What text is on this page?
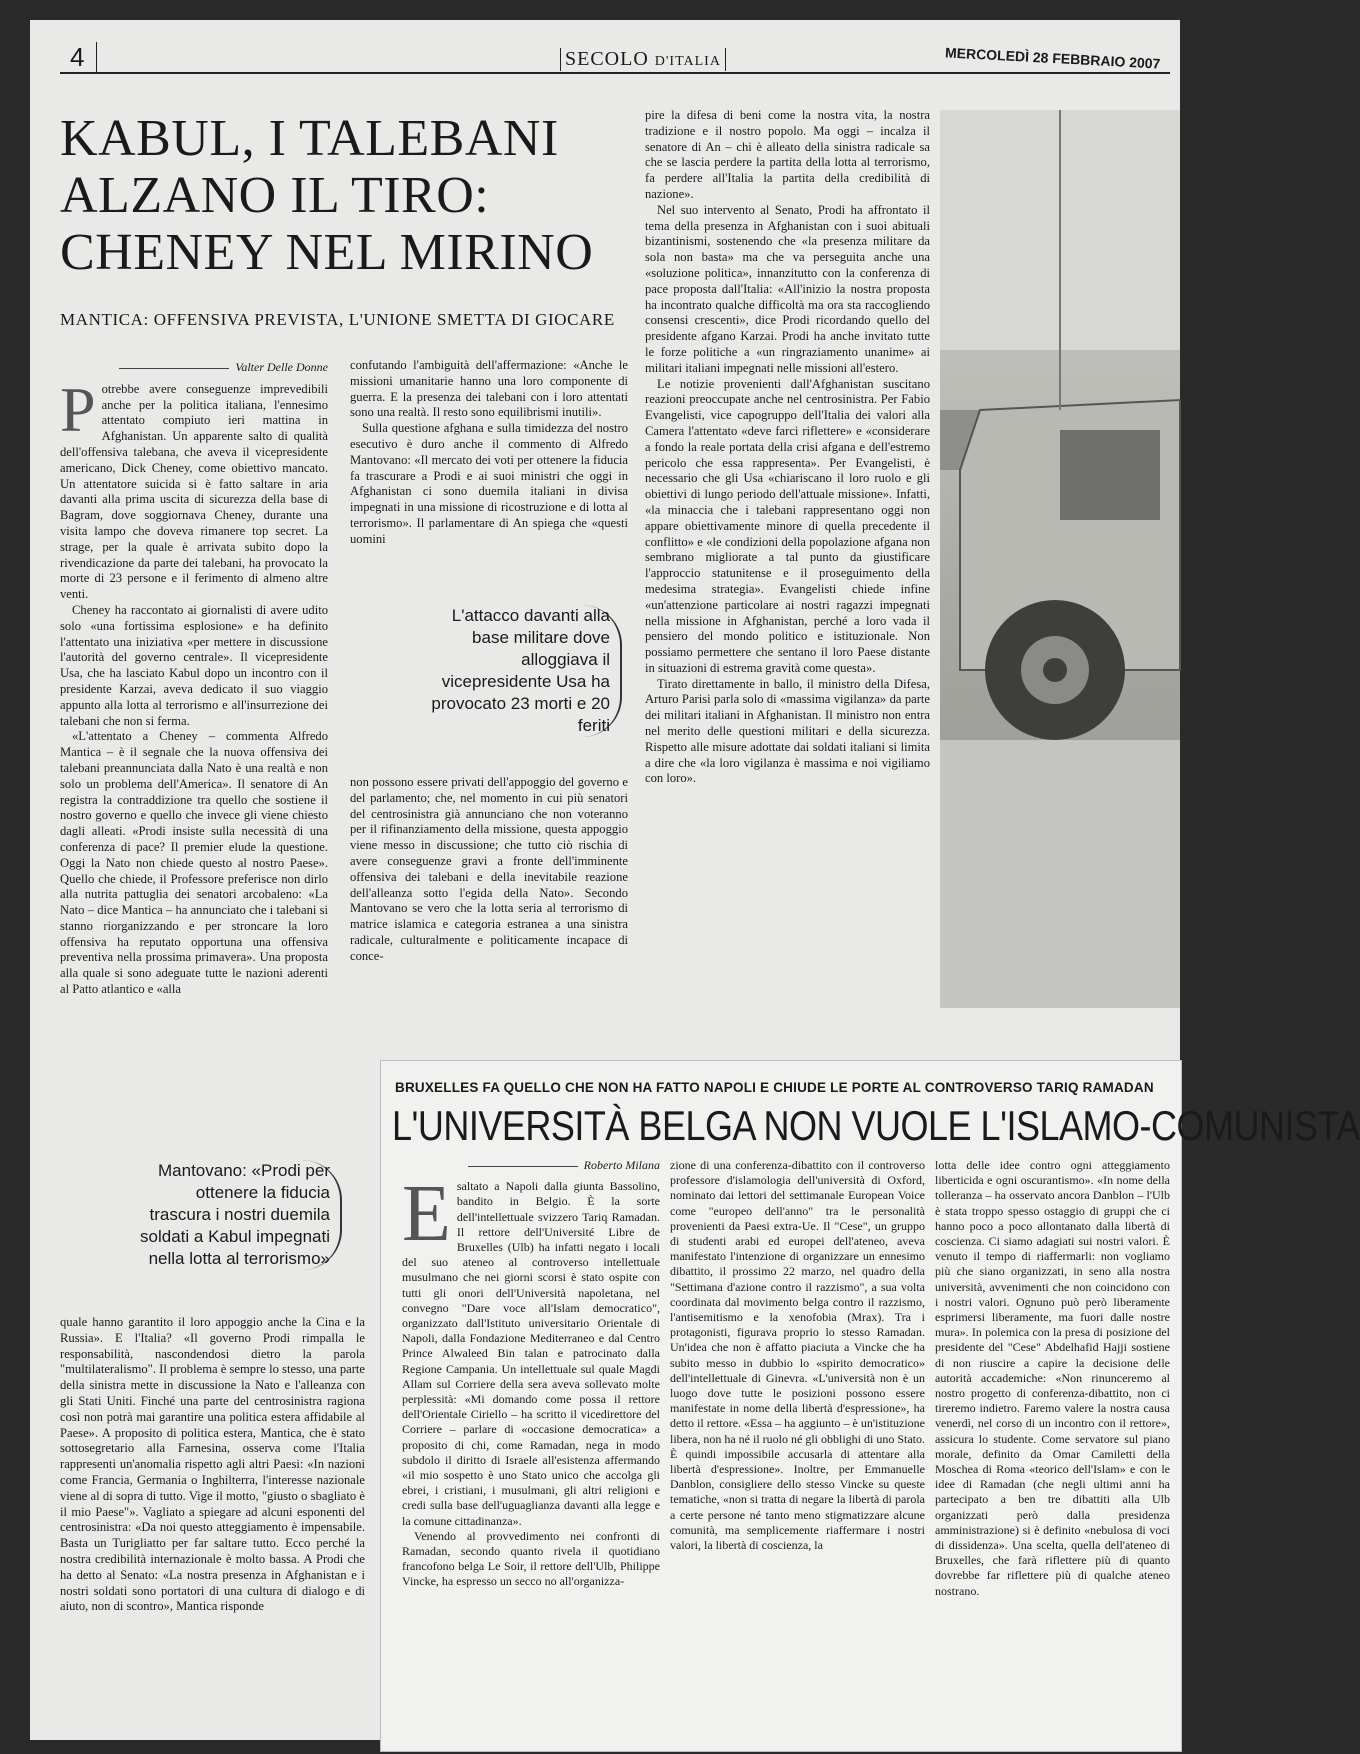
4	SECOLO D'ITALIA	MERCOLEDÌ 28 FEBBRAIO 2007
KABUL, I TALEBANI ALZANO IL TIRO: CHENEY NEL MIRINO
MANTICA: OFFENSIVA PREVISTA, L'UNIONE SMETTA DI GIOCARE
Valter Delle Donne
P otrebbe avere conseguenze imprevedibili anche per la politica italiana, l'ennesimo attentato compiuto ieri mattina in Afghanistan. Un apparente salto di qualità dell'offensiva talebana, che aveva il vicepresidente americano, Dick Cheney, come obiettivo mancato. Un attentatore suicida si è fatto saltare in aria davanti alla prima uscita di sicurezza della base di Bagram, dove soggiornava Cheney, durante una visita lampo che doveva rimanere top secret. La strage, per la quale è arrivata subito dopo la rivendicazione da parte dei talebani, ha provocato la morte di 23 persone e il ferimento di almeno altre venti.

Cheney ha raccontato ai giornalisti di avere udito solo «una fortissima esplosione» e ha definito l'attentato una iniziativa «per mettere in discussione l'autorità del governo centrale». Il vicepresidente Usa, che ha lasciato Kabul dopo un incontro con il presidente Karzai, aveva dedicato il suo viaggio appunto alla lotta al terrorismo e all'insurrezione dei talebani che non si ferma.

«L'attentato a Cheney – commenta Alfredo Mantica – è il segnale che la nuova offensiva dei talebani preannunciata dalla Nato è una realtà e non solo un problema dell'America». Il senatore di An registra la contraddizione tra quello che sostiene il nostro governo e quello che invece gli viene chiesto dagli alleati. «Prodi insiste sulla necessità di una conferenza di pace? Il premier elude la questione. Oggi la Nato non chiede questo al nostro Paese». Quello che chiede, il Professore preferisce non dirlo alla nutrita pattuglia dei senatori arcobaleno: «La Nato – dice Mantica – ha annunciato che i talebani si stanno riorganizzando e per stroncare la loro offensiva ha reputato opportuna una offensiva preventiva nella prossima primavera». Una proposta alla quale si sono adeguate tutte le nazioni aderenti al Patto atlantico e «alla

confutando l'ambiguità dell'affermazione: «Anche le missioni umanitarie hanno una loro componente di guerra. E la presenza dei talebani con i loro attentati sono una realtà. Il resto sono equilibrismi inutili».

Sulla questione afghana e sulla timidezza del nostro esecutivo è duro anche il commento di Alfredo Mantovano: «Il mercato dei voti per ottenere la fiducia fa trascurare a Prodi e ai suoi ministri che oggi in Afghanistan ci sono duemila italiani in divisa impegnati in una missione di ricostruzione e di lotta al terrorismo». Il parlamentare di An spiega che «questi uomini

L'attacco davanti alla base militare dove alloggiava il vicepresidente Usa ha provocato 23 morti e 20 feriti

non possono essere privati dell'appoggio del governo e del parlamento; che, nel momento in cui più senatori del centrosinistra già annunciano che non voteranno per il rifinanziamento della missione, questa appoggio viene messo in discussione; che tutto ciò rischia di avere conseguenze gravi a fronte dell'imminente offensiva dei talebani e della inevitabile reazione dell'alleanza sotto l'egida della Nato». Secondo Mantovano se vero che la lotta seria al terrorismo di matrice islamica e categoria estranea a una sinistra radicale, culturalmente e politicamente incapace di conce-

pire la difesa di beni come la nostra vita, la nostra tradizione e il nostro popolo. Ma oggi – incalza il senatore di An – chi è alleato della sinistra radicale sa che se lascia perdere la partita della lotta al terrorismo, fa perdere all'Italia la partita della credibilità di nazione».

Nel suo intervento al Senato, Prodi ha affrontato il tema della presenza in Afghanistan con i suoi abituali bizantinismi, sostenendo che «la presenza militare da sola non basta» ma che va perseguita anche una «soluzione politica», innanzitutto con la conferenza di pace proposta dall'Italia: «All'inizio la nostra proposta ha incontrato qualche difficoltà ma ora sta raccogliendo consensi crescenti», dice Prodi ricordando quello del presidente afgano Karzai. Prodi ha anche invitato tutte le forze politiche a «un ringraziamento unanime» ai militari italiani impegnati nelle missioni all'estero.

Le notizie provenienti dall'Afghanistan suscitano reazioni preoccupate anche nel centrosinistra. Per Fabio Evangelisti, vice capogruppo dell'Italia dei valori alla Camera l'attentato «deve farci riflettere» e «considerare a fondo la reale portata della crisi afgana e dell'estremo pericolo che essa rappresenta». Per Evangelisti, è necessario che gli Usa «chiariscano il loro ruolo e gli obiettivi di lungo periodo dell'attuale missione». Infatti, «la minaccia che i talebani rappresentano oggi non appare obiettivamente minore di quella precedente il conflitto» e «le condizioni della popolazione afgana non sembrano migliorate a tal punto da giustificare l'approccio statunitense e il proseguimento della medesima strategia». Evangelisti chiede infine «un'attenzione particolare ai nostri ragazzi impegnati nella missione in Afghanistan, perché a loro vada il pensiero del mondo politico e istituzionale. Non possiamo permettere che sentano il loro Paese distante in situazioni di estrema gravità come questa».

Tirato direttamente in ballo, il ministro della Difesa, Arturo Parisi parla solo di «massima vigilanza» da parte dei militari italiani in Afghanistan. Il ministro non entra nel merito delle questioni militari e della sicurezza. Rispetto alle misure adottate dai soldati italiani si limita a dire che «la loro vigilanza è massima e noi vigiliamo con loro».

Mantovano: «Prodi per ottenere la fiducia trascura i nostri duemila soldati a Kabul impegnati nella lotta al terrorismo»

quale hanno garantito il loro appoggio anche la Cina e la Russia». E l'Italia? «Il governo Prodi rimpalla le responsabilità, nascondendosi dietro la parola "multilateralismo". Il problema è sempre lo stesso, una parte della sinistra mette in discussione la Nato e l'alleanza con gli Stati Uniti. Finché una parte del centrosinistra ragiona così non potrà mai garantire una politica estera affidabile al Paese». A proposito di politica estera, Mantica, che è stato sottosegretario alla Farnesina, osserva come l'Italia rappresenti un'anomalia rispetto agli altri Paesi: «In nazioni come Francia, Germania o Inghilterra, l'interesse nazionale viene al di sopra di tutto. Vige il motto, "giusto o sbagliato è il mio Paese"». Vagliato a spiegare ad alcuni esponenti del centrosinistra: «Da noi questo atteggiamento è impensabile. Basta un Turigliatto per far saltare tutto. Ecco perché la nostra credibilità internazionale è molto bassa. A Prodi che ha detto al Senato: «La nostra presenza in Afghanistan e i nostri soldati sono portatori di una cultura di dialogo e di aiuto, non di scontro», Mantica risponde

BRUXELLES FA QUELLO CHE NON HA FATTO NAPOLI E CHIUDE LE PORTE AL CONTROVERSO TARIQ RAMADAN
L'UNIVERSITÀ BELGA NON VUOLE L'ISLAMO-COMUNISTA
Roberto Milana
E saltato a Napoli dalla giunta Bassolino, bandito in Belgio. È la sorte dell'intellettuale svizzero Tariq Ramadan. Il rettore dell'Université Libre de Bruxelles (Ulb) ha infatti negato i locali del suo ateneo al controverso intellettuale musulmano che nei giorni scorsi è stato ospite con tutti gli onori dell'Università napoletana, nel convegno "Dare voce all'Islam democratico", organizzato dall'Istituto universitario Orientale di Napoli, dalla Fondazione Mediterraneo e dal Centro Prince Alwaleed Bin talan e patrocinato dalla Regione Campania. Un intellettuale sul quale Magdi Allam sul Corriere della sera aveva sollevato molte perplessità: «Mi domando come possa il rettore dell'Orientale Ciriello – ha scritto il vicedirettore del Corriere – parlare di «occasione democratica» a proposito di chi, come Ramadan, nega in modo subdolo il diritto di Israele all'esistenza affermando «il mio sospetto è uno Stato unico che accolga gli ebrei, i cristiani, i musulmani, gli altri religioni e credi sulla base dell'uguaglianza davanti alla legge e la comune cittadinanza».

Venendo al provvedimento nei confronti di Ramadan, secondo quanto rivela il quotidiano francofono belga Le Soir, il rettore dell'Ulb, Philippe Vincke, ha espresso un secco no all'organizza-

zione di una conferenza-dibattito con il controverso professore d'islamologia dell'università di Oxford, nominato dai lettori del settimanale European Voice come "europeo dell'anno" tra le personalità provenienti da Paesi extra-Ue. Il "Cese", un gruppo di studenti arabi ed europei dell'ateneo, aveva manifestato l'intenzione di organizzare un ennesimo dibattito, il prossimo 22 marzo, nel quadro della "Settimana d'azione contro il razzismo", a sua volta coordinata dal movimento belga contro il razzismo, l'antisemitismo e la xenofobia (Mrax). Tra i protagonisti, figurava proprio lo stesso Ramadan. Un'idea che non è affatto piaciuta a Vincke che ha subito messo in dubbio lo «spirito democratico» dell'intellettuale di Ginevra. «L'università non è un luogo dove tutte le posizioni possono essere manifestate in nome della libertà d'espressione», ha detto il rettore. «Essa – ha aggiunto – è un'istituzione libera, non ha né il ruolo né gli obblighi di uno Stato. È quindi impossibile accusarla di attentare alla libertà d'espressione». Inoltre, per Emmanuelle Danblon, consigliere dello stesso Vincke su queste tematiche, «non si tratta di negare la libertà di parola a certe persone né tanto meno stigmatizzare alcune comunità, ma semplicemente riaffermare i nostri valori, la libertà di coscienza, la

lotta delle idee contro ogni atteggiamento liberticida e ogni oscurantismo». «In nome della tolleranza – ha osservato ancora Danblon – l'Ulb è stata troppo spesso ostaggio di gruppi che ci hanno poco a poco allontanato dalla libertà di coscienza. Ci siamo adagiati sui nostri valori. È venuto il tempo di riaffermarli: non vogliamo più che siano organizzati, in seno alla nostra università, avvenimenti che non coincidono con i nostri valori. Ognuno può però liberamente esprimersi liberamente, ma fuori dalle nostre mura». In polemica con la presa di posizione del presidente del "Cese" Abdelhafid Hajji sostiene di non riuscire a capire la decisione delle autorità accademiche: «Non rinunceremo al nostro progetto di conferenza-dibattito, non ci tireremo indietro. Faremo valere la nostra causa venerdì, nel corso di un incontro con il rettore», assicura lo studente. Come servatore sul piano morale, definito da Omar Camiletti della Moschea di Roma «teorico dell'Islam» e con le idee di Ramadan (che negli ultimi anni ha partecipato a ben tre dibattiti alla Ulb organizzati però dalla presidenza amministrazione) si è definito «nebulosa di voci di dissidenza». Una scelta, quella dell'ateneo di Bruxelles, che farà riflettere più di quanto dovrebbe far riflettere più di qualche ateneo nostrano.
